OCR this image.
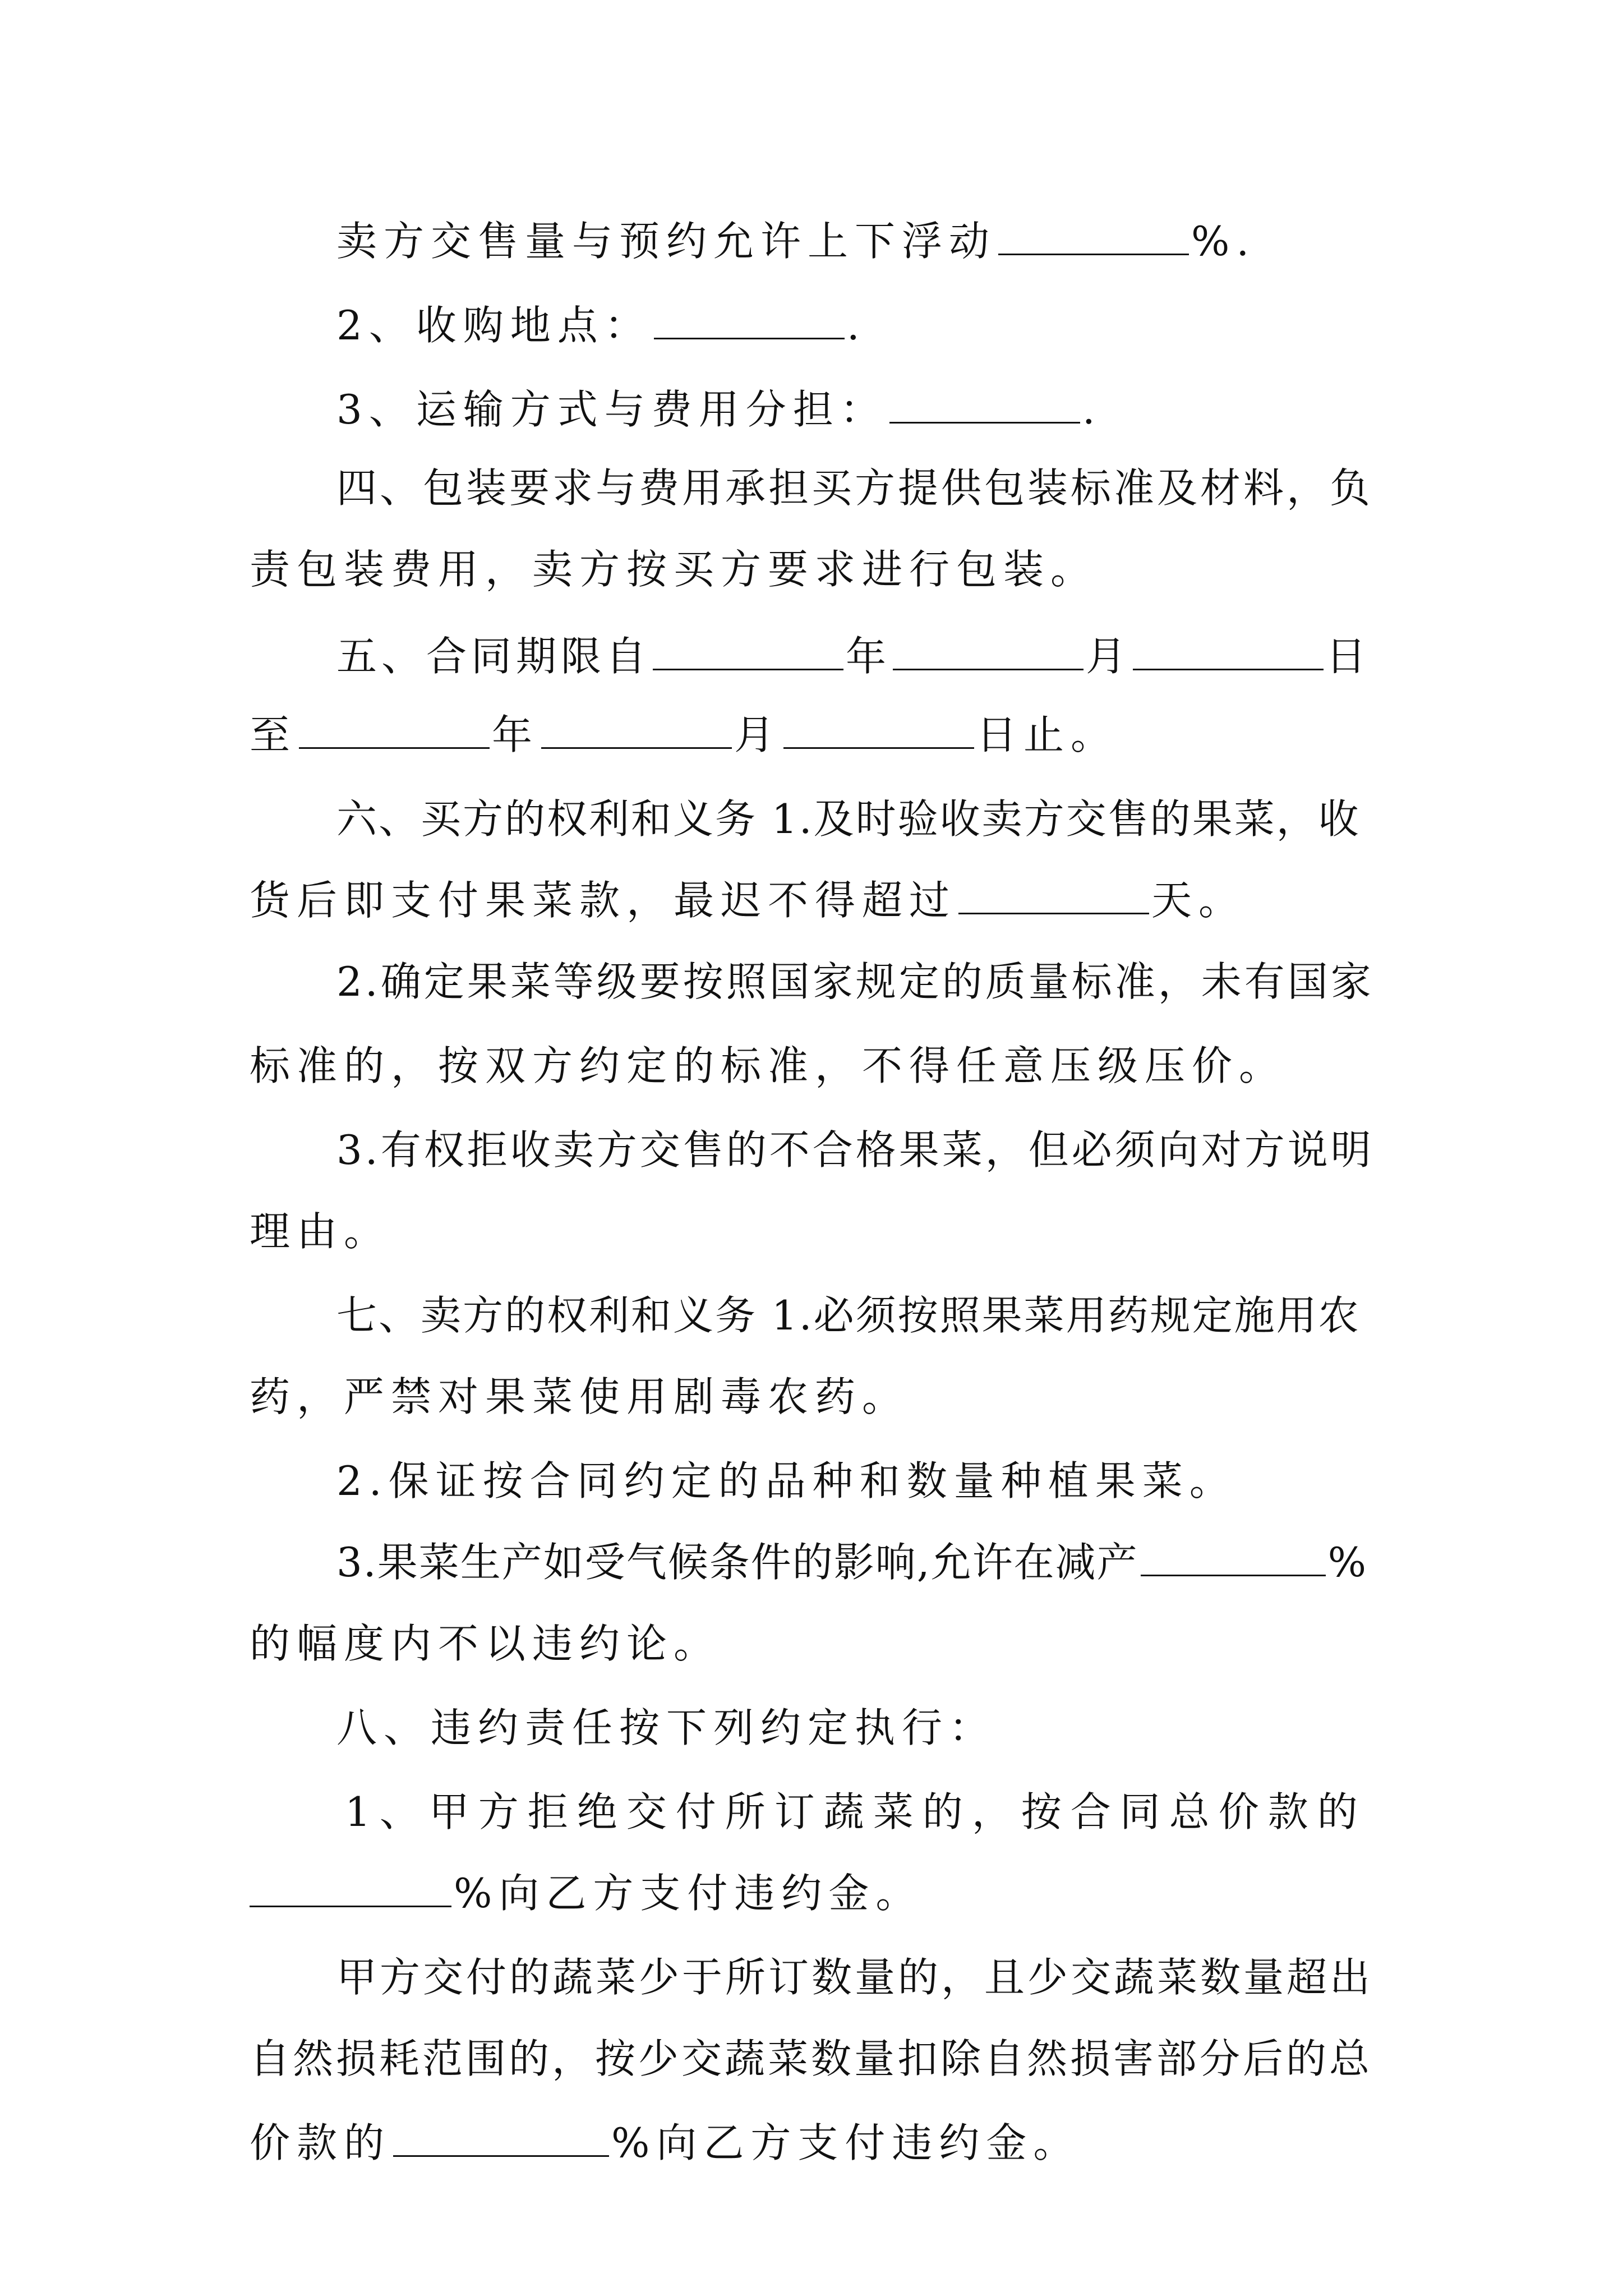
卖方交售量与预约允许上下浮动	%.
2、收购地点：	.
3、运输方式与费用分担：	.
四、包装要求与费用承担买方提供包装标准及材料，负
责包装费用，卖方按买方要求进行包装。
五、合同期限自	年	月	日
至	年	月	日止。
六、买方的权利和义务 1.及时验收卖方交售的果菜，收
货后即支付果菜款，最迟不得超过	天。
2.确定果菜等级要按照国家规定的质量标准，未有国家
标准的，按双方约定的标准，不得任意压级压价。
3.有权拒收卖方交售的不合格果菜，但必须向对方说明
理由。
七、卖方的权利和义务 1.必须按照果菜用药规定施用农
药，严禁对果菜使用剧毒农药。
2.保证按合同约定的品种和数量种植果菜。
3.果菜生产如受气候条件的影响,允许在减产	%
的幅度内不以违约论。
八、违约责任按下列约定执行：
1、甲方拒绝交付所订蔬菜的，按合同总价款的
%向乙方支付违约金。
甲方交付的蔬菜少于所订数量的，且少交蔬菜数量超出
自然损耗范围的，按少交蔬菜数量扣除自然损害部分后的总
价款的	%向乙方支付违约金。
